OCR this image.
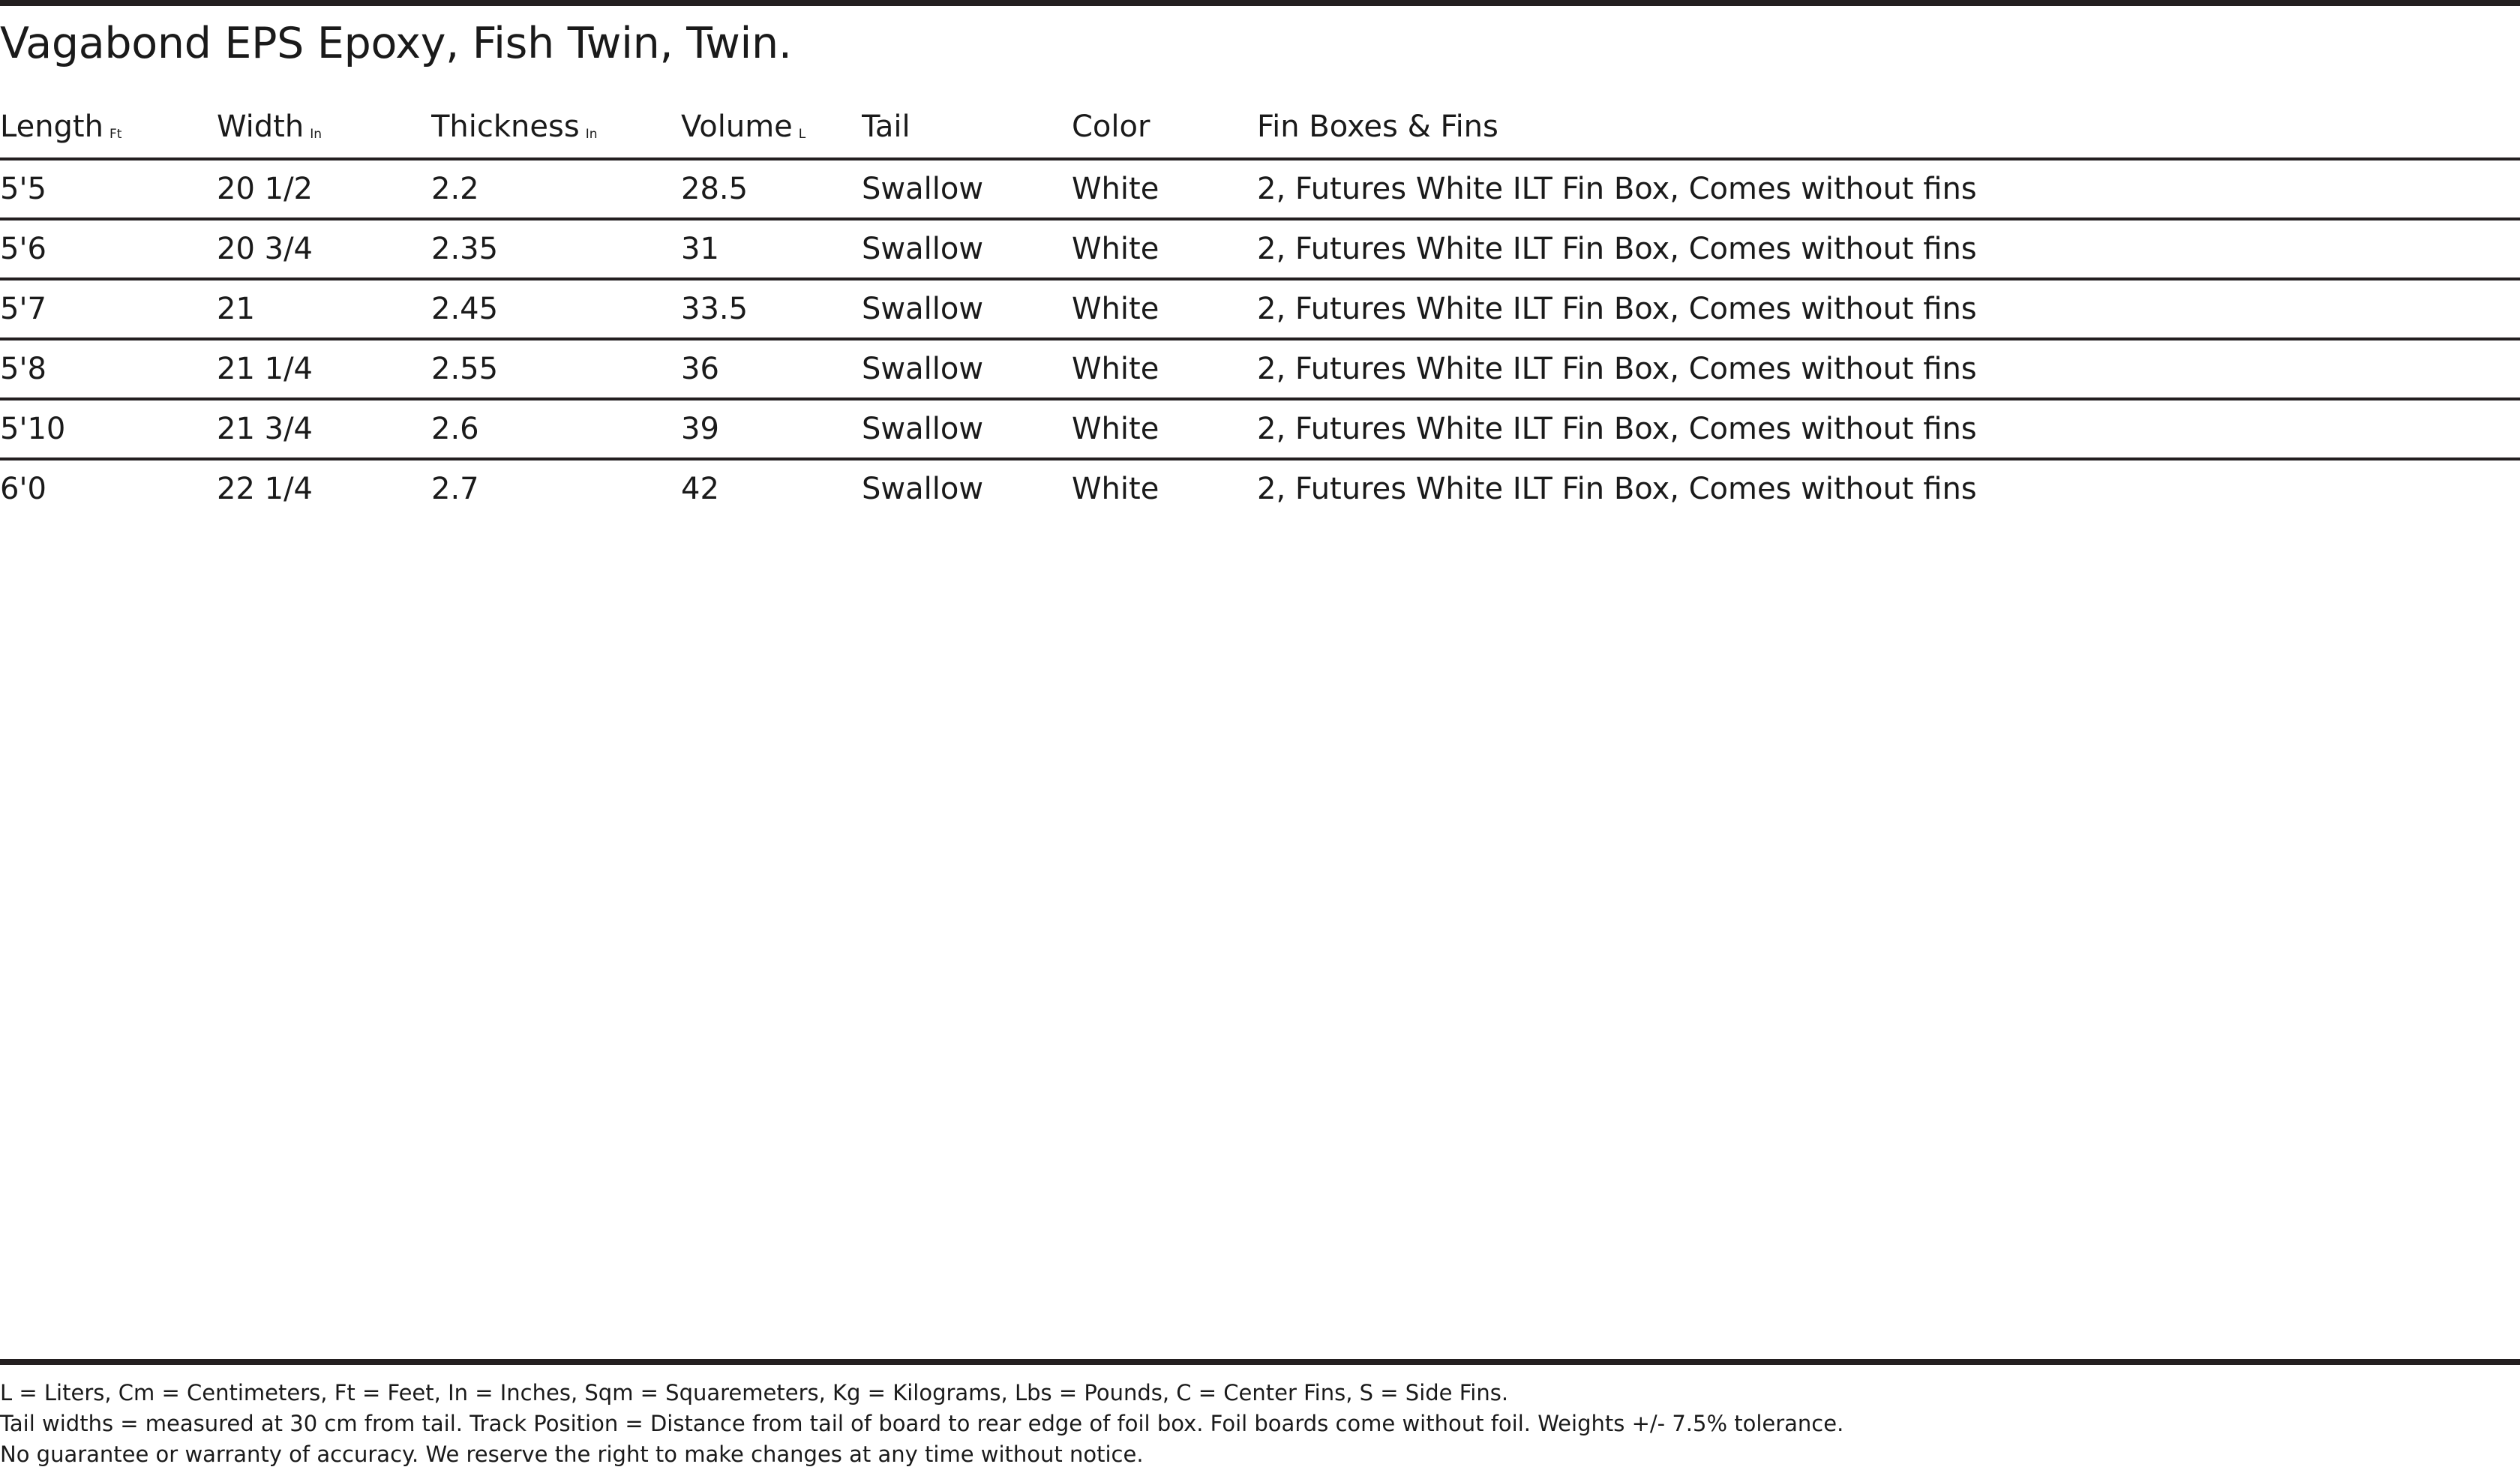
Vagabond EPS Epoxy, Fish Twin, Twin.
Length Ft	Width In	Thickness In	Volume L	Tail	Color	Fin Boxes & Fins
5'5	20 1/2	2.2	28.5	Swallow	White	2, Futures White ILT Fin Box, Comes without fins
5'6	20 3/4	2.35	31	Swallow	White	2, Futures White ILT Fin Box, Comes without fins
5'7	21	2.45	33.5	Swallow	White	2, Futures White ILT Fin Box, Comes without fins
5'8	21 1/4	2.55	36	Swallow	White	2, Futures White ILT Fin Box, Comes without fins
5'10	21 3/4	2.6	39	Swallow	White	2, Futures White ILT Fin Box, Comes without fins
6'0	22 1/4	2.7	42	Swallow	White	2, Futures White ILT Fin Box, Comes without fins
L = Liters, Cm = Centimeters, Ft = Feet, In = Inches, Sqm = Squaremeters, Kg = Kilograms, Lbs = Pounds, C = Center Fins, S = Side Fins.
Tail widths = measured at 30 cm from tail. Track Position = Distance from tail of board to rear edge of foil box. Foil boards come without foil. Weights +/- 7.5% tolerance.
No guarantee or warranty of accuracy. We reserve the right to make changes at any time without notice.
